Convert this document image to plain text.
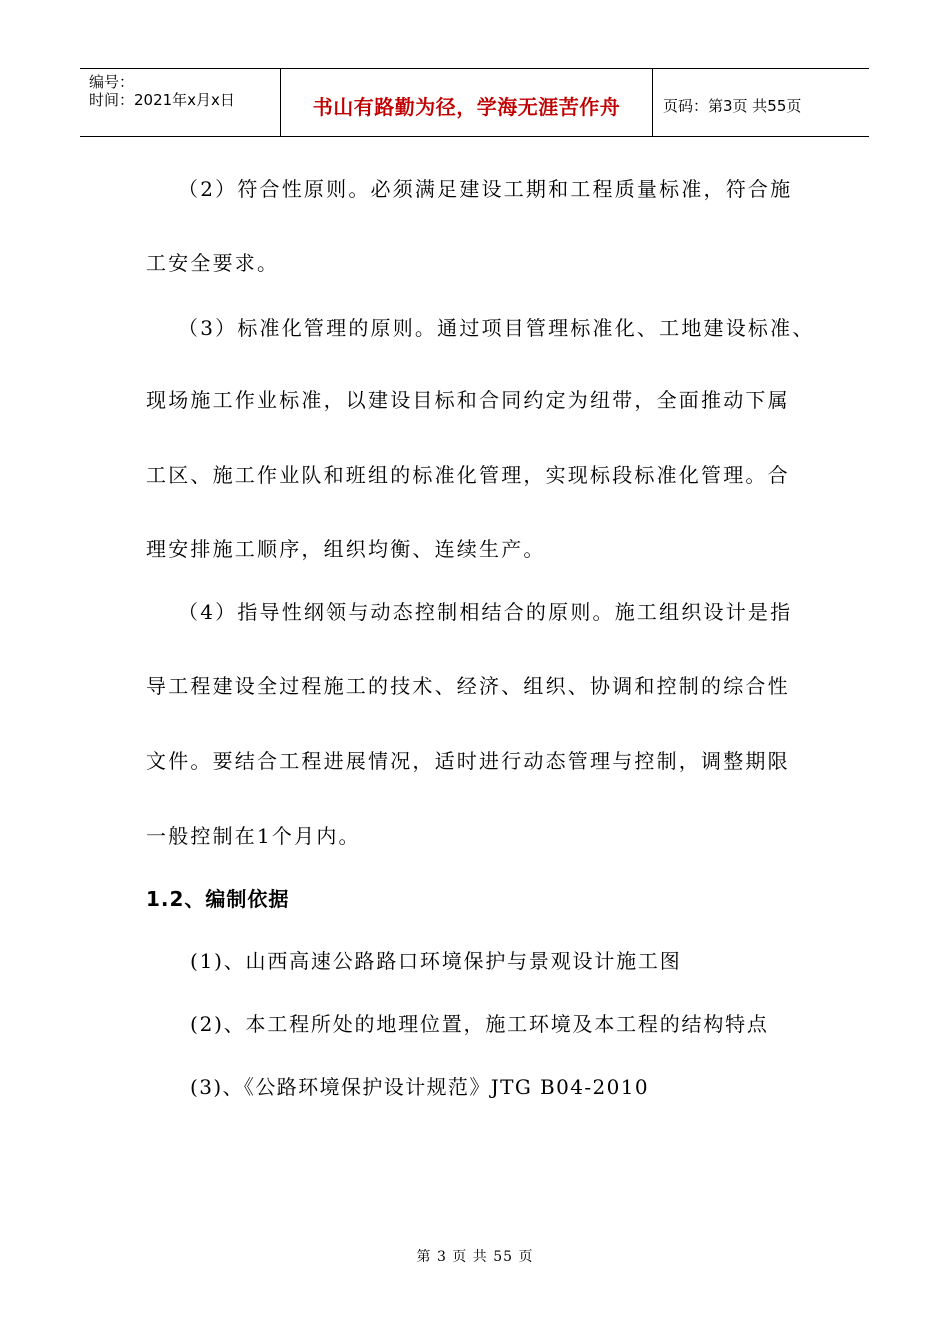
编号：
时间：2021年x月x日	书山有路勤为径，学海无涯苦作舟	页码：第3页 共55页
（2）符合性原则。必须满足建设工期和工程质量标准，符合施
工安全要求。
（3）标准化管理的原则。通过项目管理标准化、工地建设标准、
现场施工作业标准，以建设目标和合同约定为纽带，全面推动下属
工区、施工作业队和班组的标准化管理，实现标段标准化管理。合
理安排施工顺序，组织均衡、连续生产。
（4）指导性纲领与动态控制相结合的原则。施工组织设计是指
导工程建设全过程施工的技术、经济、组织、协调和控制的综合性
文件。要结合工程进展情况，适时进行动态管理与控制，调整期限
一般控制在1个月内。
1.2、编制依据
(1)、山西高速公路路口环境保护与景观设计施工图
(2)、本工程所处的地理位置，施工环境及本工程的结构特点
(3)、《公路环境保护设计规范》JTG B04-2010
第 3 页 共 55 页
